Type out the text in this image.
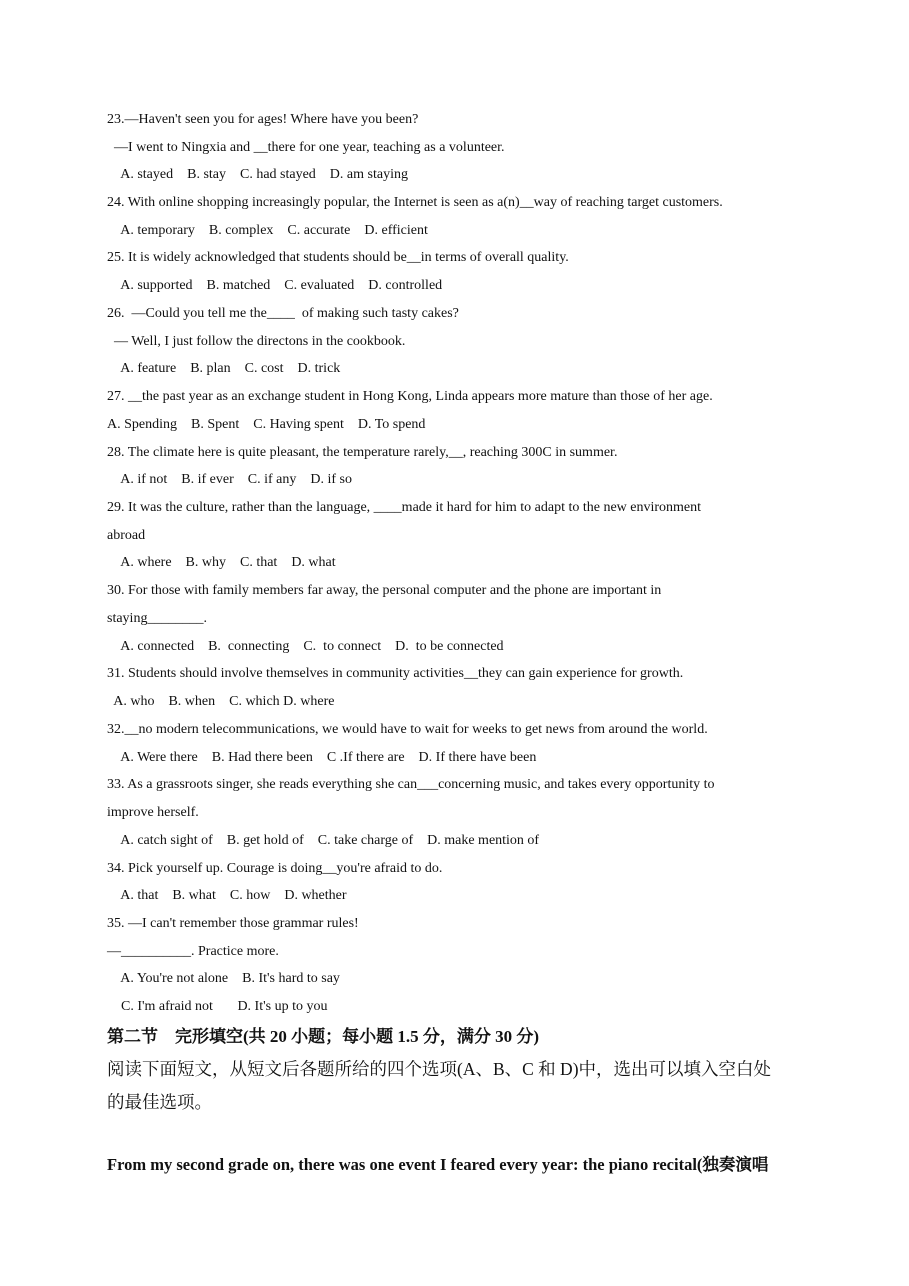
23.—Haven't seen you for ages! Where have you been?
—I went to Ningxia and __there for one year, teaching as a volunteer.
A. stayed    B. stay    C. had stayed    D. am staying
24. With online shopping increasingly popular, the Internet is seen as a(n)__way of reaching target customers.
A. temporary    B. complex    C. accurate    D. efficient
25. It is widely acknowledged that students should be__in terms of overall quality.
A. supported    B. matched    C. evaluated    D. controlled
26.  —Could you tell me the____  of making such tasty cakes?
— Well, I just follow the directons in the cookbook.
A. feature    B. plan    C. cost    D. trick
27. __the past year as an exchange student in Hong Kong, Linda appears more mature than those of her age.
A. Spending    B. Spent    C. Having spent    D. To spend
28. The climate here is quite pleasant, the temperature rarely,__, reaching 300C in summer.
A. if not    B. if ever    C. if any    D. if so
29. It was the culture, rather than the language, ____made it hard for him to adapt to the new environment
abroad
A. where    B. why    C. that    D. what
30. For those with family members far away, the personal computer and the phone are important in
staying________.
A. connected    B.  connecting    C.  to connect    D.  to be connected
31. Students should involve themselves in community activities__they can gain experience for growth.
A. who    B. when    C. which D. where
32.__no modern telecommunications, we would have to wait for weeks to get news from around the world.
A. Were there    B. Had there been    C .If there are    D. If there have been
33. As a grassroots singer, she reads everything she can___concerning music, and takes every opportunity to
improve herself.
A. catch sight of    B. get hold of    C. take charge of    D. make mention of
34. Pick yourself up. Courage is doing__you're afraid to do.
A. that    B. what    C. how    D. whether
35. —I can't remember those grammar rules!
—__________. Practice more.
A. You're not alone    B. It's hard to say
C. I'm afraid not       D. It's up to you
第二节    完形填空(共 20 小题；每小题 1.5 分，满分 30 分)
阅读下面短文，从短文后各题所给的四个选项(A、B、C 和 D)中，选出可以填入空白处
的最佳选项。
From my second grade on, there was one event I feared every year: the piano recital(独奏演唱
